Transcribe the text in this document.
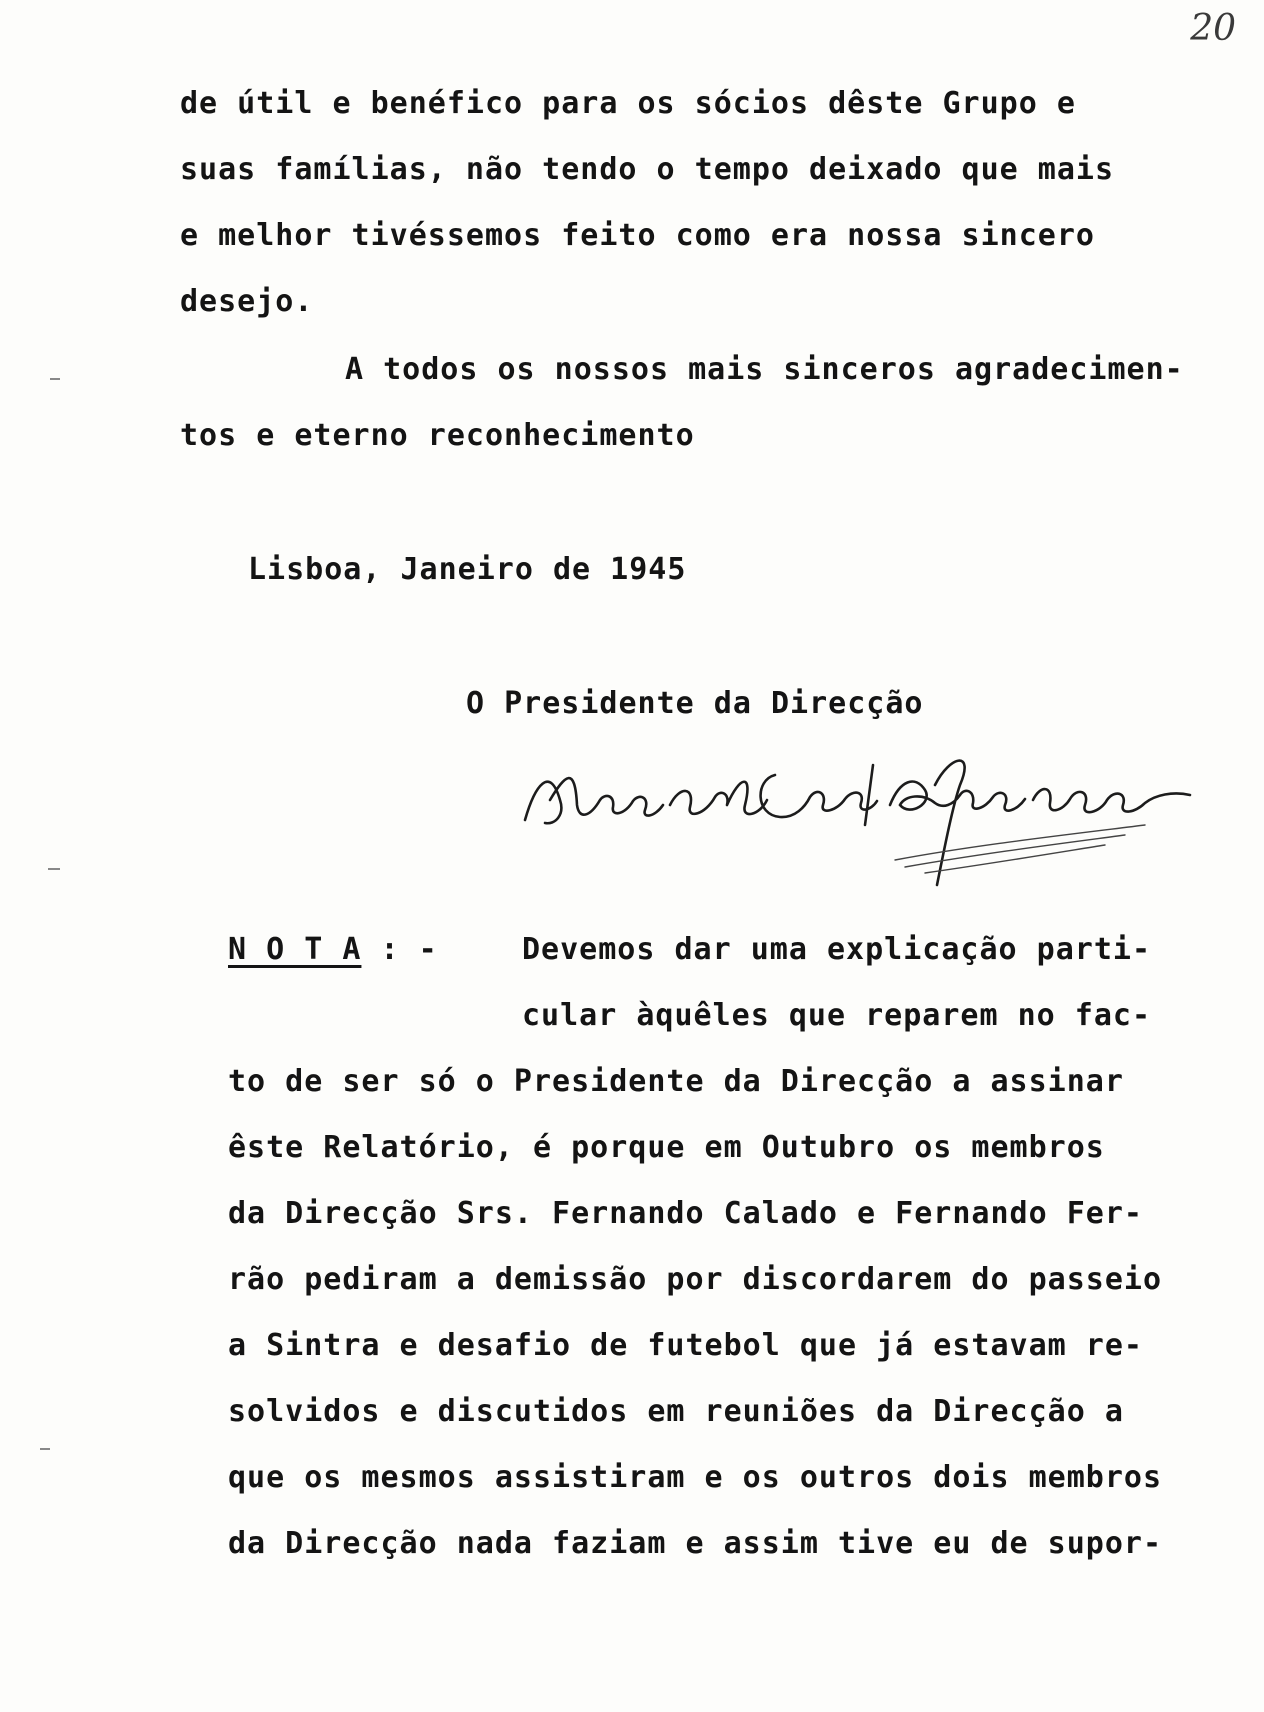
20
de útil e benéfico para os sócios dêste Grupo e
suas famílias, não tendo o tempo deixado que mais
e melhor tivéssemos feito como era nossa sincero
desejo.
A todos os nossos mais sinceros agradecimen-
tos e eterno reconhecimento
Lisboa, Janeiro de 1945
O Presidente da Direcção
N O T A : -	Devemos dar uma explicação parti-
cular àquêles que reparem no fac-
to de ser só o Presidente da Direcção a assinar
êste Relatório, é porque em Outubro os membros
da Direcção Srs. Fernando Calado e Fernando Fer-
rão pediram a demissão por discordarem do passeio
a Sintra e desafio de futebol que já estavam re-
solvidos e discutidos em reuniões da Direcção a
que os mesmos assistiram e os outros dois membros
da Direcção nada faziam e assim tive eu de supor-
